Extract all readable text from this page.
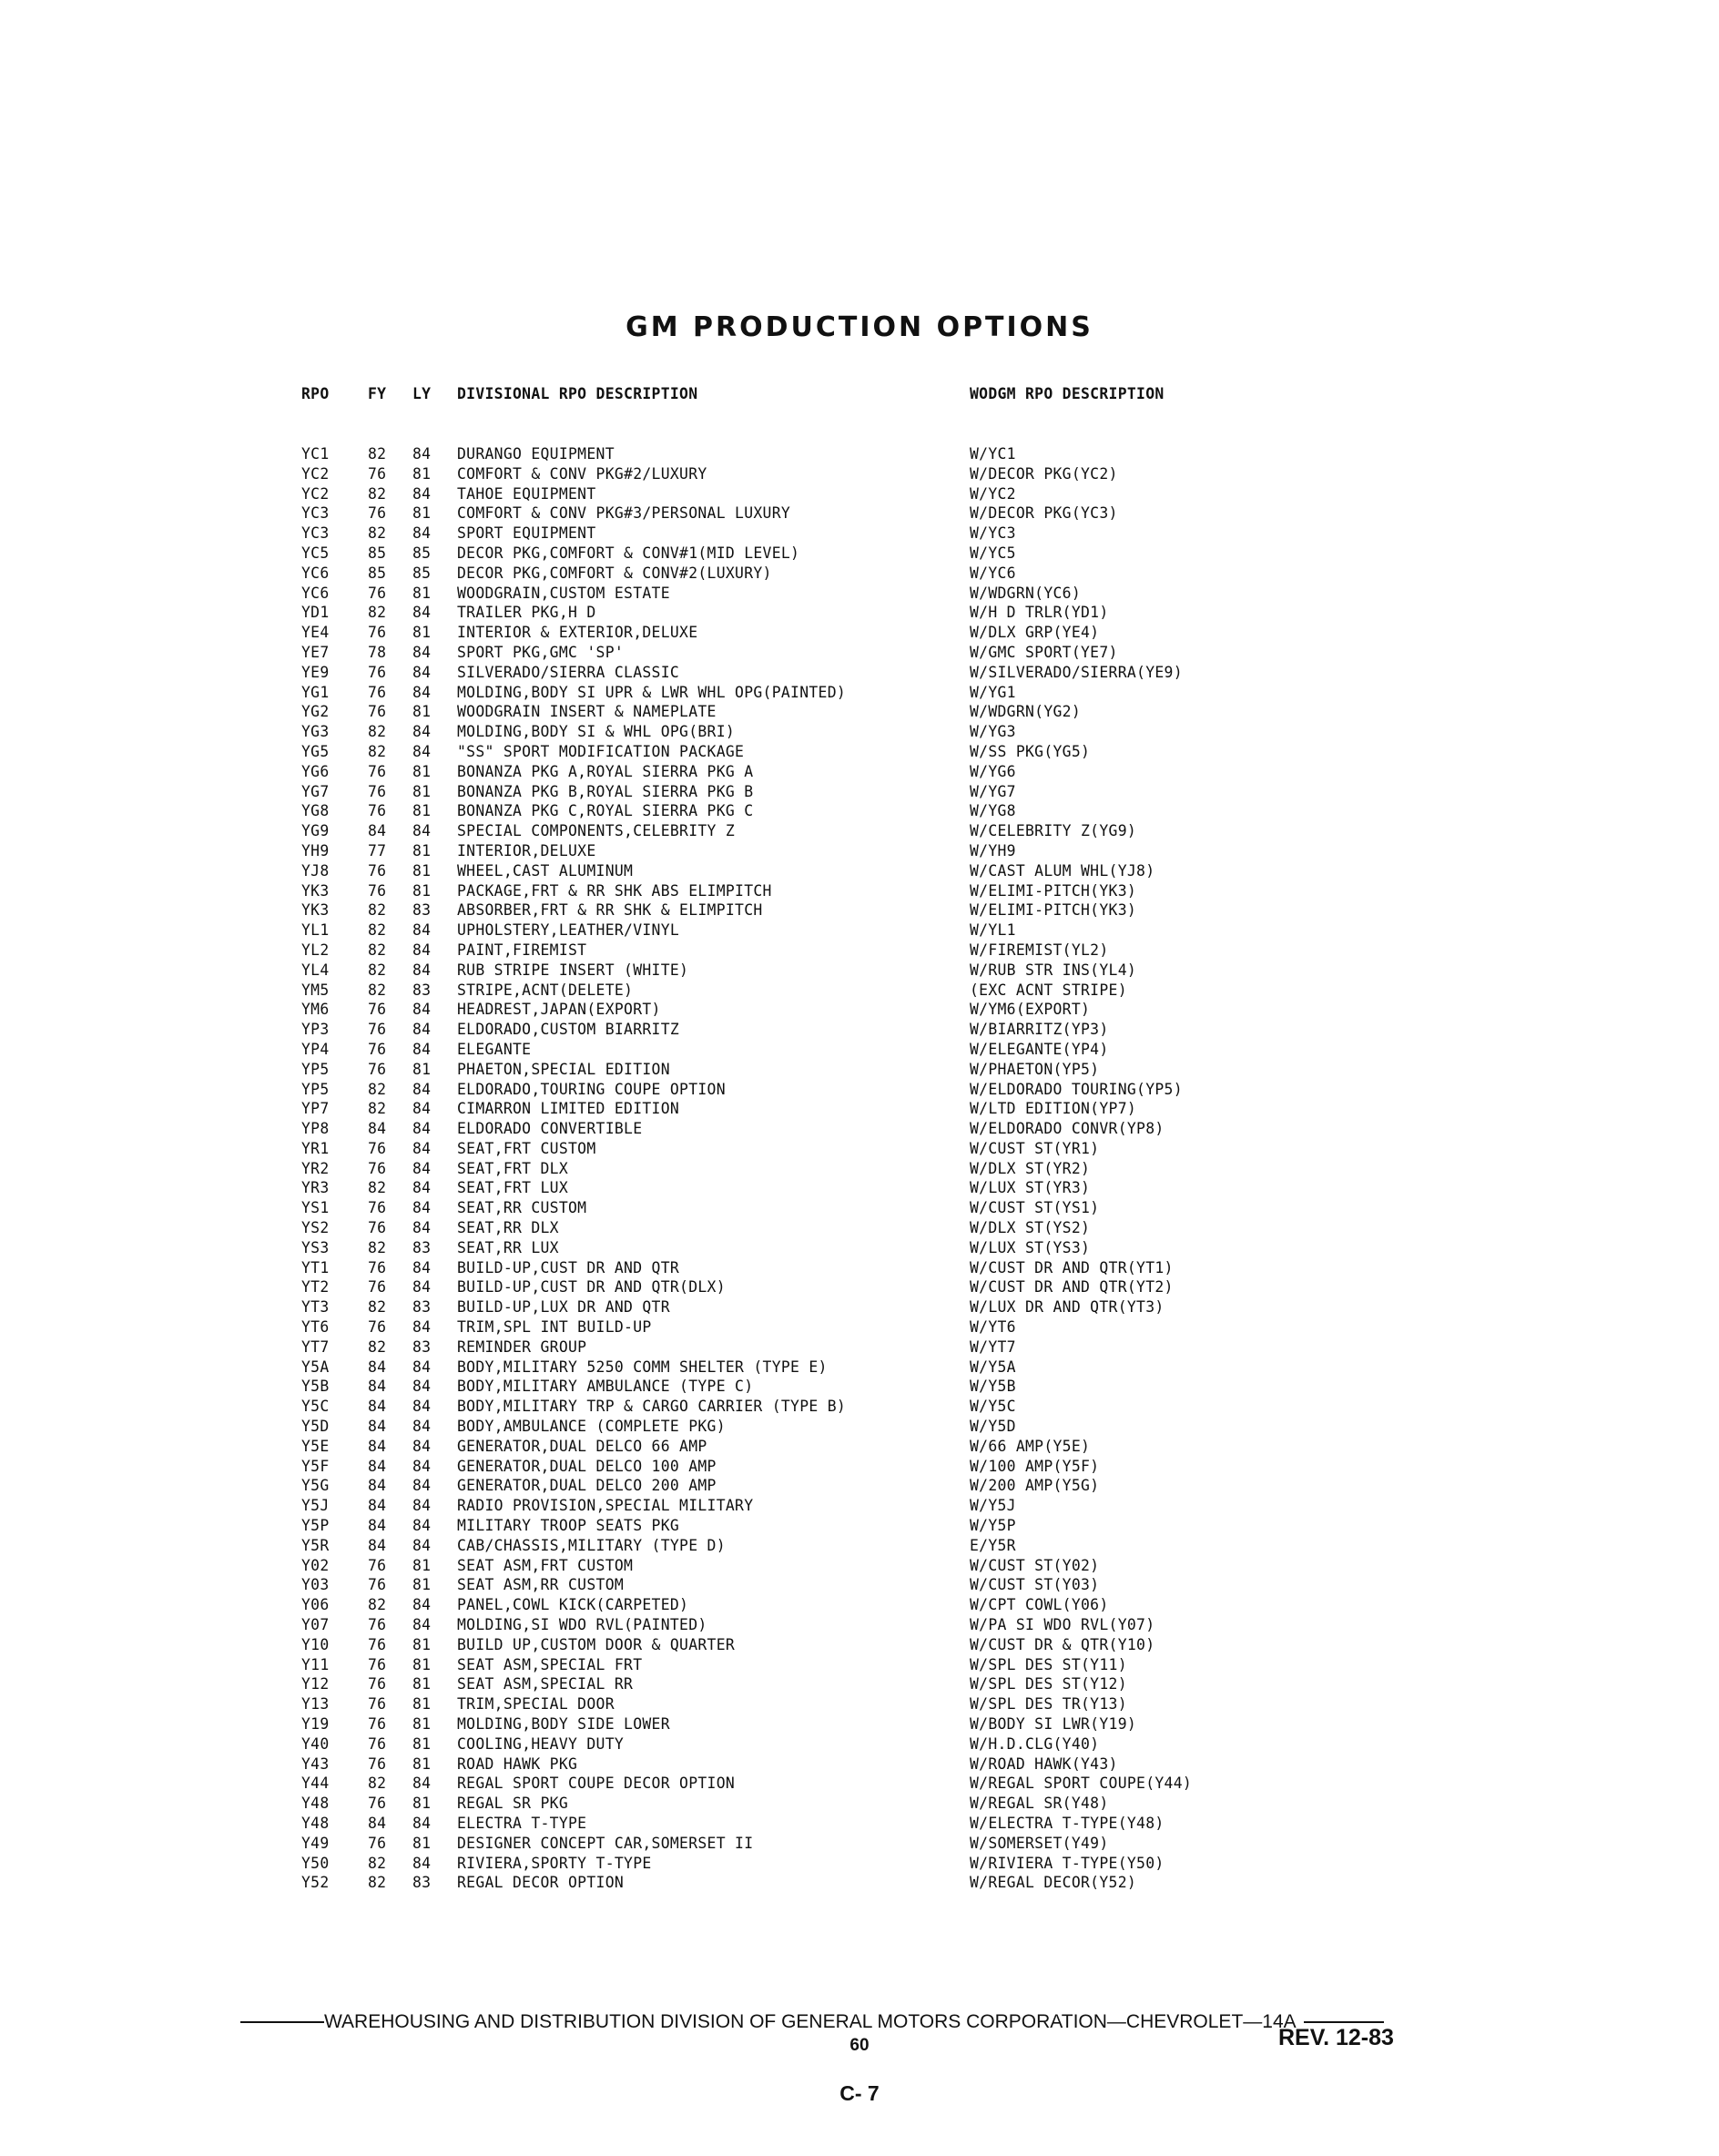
GM PRODUCTION OPTIONS
RPO	FY LY DIVISIONAL RPO DESCRIPTION	WODGM RPO DESCRIPTION
YC1	82 84 DURANGO EQUIPMENT	W/YC1
YC2	76 81 COMFORT & CONV PKG#2/LUXURY	W/DECOR PKG(YC2)
YC2	82 84 TAHOE EQUIPMENT	W/YC2
YC3	76 81 COMFORT & CONV PKG#3/PERSONAL LUXURY	W/DECOR PKG(YC3)
YC3	82 84 SPORT EQUIPMENT	W/YC3
YC5	85 85 DECOR PKG,COMFORT & CONV#1(MID LEVEL)	W/YC5
YC6	85 85 DECOR PKG,COMFORT & CONV#2(LUXURY)	W/YC6
YC6	76 81 WOODGRAIN,CUSTOM ESTATE	W/WDGRN(YC6)
YD1	82 84 TRAILER PKG,H D	W/H D TRLR(YD1)
YE4	76 81 INTERIOR & EXTERIOR,DELUXE	W/DLX GRP(YE4)
YE7	78 84 SPORT PKG,GMC 'SP'	W/GMC SPORT(YE7)
YE9	76 84 SILVERADO/SIERRA CLASSIC	W/SILVERADO/SIERRA(YE9)
YG1	76 84 MOLDING,BODY SI UPR & LWR WHL OPG(PAINTED)	W/YG1
YG2	76 81 WOODGRAIN INSERT & NAMEPLATE	W/WDGRN(YG2)
YG3	82 84 MOLDING,BODY SI & WHL OPG(BRI)	W/YG3
YG5	82 84 "SS" SPORT MODIFICATION PACKAGE	W/SS PKG(YG5)
YG6	76 81 BONANZA PKG A,ROYAL SIERRA PKG A	W/YG6
YG7	76 81 BONANZA PKG B,ROYAL SIERRA PKG B	W/YG7
YG8	76 81 BONANZA PKG C,ROYAL SIERRA PKG C	W/YG8
YG9	84 84 SPECIAL COMPONENTS,CELEBRITY Z	W/CELEBRITY Z(YG9)
YH9	77 81 INTERIOR,DELUXE	W/YH9
YJ8	76 81 WHEEL,CAST ALUMINUM	W/CAST ALUM WHL(YJ8)
YK3	76 81 PACKAGE,FRT & RR SHK ABS ELIMPITCH	W/ELIMI-PITCH(YK3)
YK3	82 83 ABSORBER,FRT & RR SHK & ELIMPITCH	W/ELIMI-PITCH(YK3)
YL1	82 84 UPHOLSTERY,LEATHER/VINYL	W/YL1
YL2	82 84 PAINT,FIREMIST	W/FIREMIST(YL2)
YL4	82 84 RUB STRIPE INSERT (WHITE)	W/RUB STR INS(YL4)
YM5	82 83 STRIPE,ACNT(DELETE)	(EXC ACNT STRIPE)
YM6	76 84 HEADREST,JAPAN(EXPORT)	W/YM6(EXPORT)
YP3	76 84 ELDORADO,CUSTOM BIARRITZ	W/BIARRITZ(YP3)
YP4	76 84 ELEGANTE	W/ELEGANTE(YP4)
YP5	76 81 PHAETON,SPECIAL EDITION	W/PHAETON(YP5)
YP5	82 84 ELDORADO,TOURING COUPE OPTION	W/ELDORADO TOURING(YP5)
YP7	82 84 CIMARRON LIMITED EDITION	W/LTD EDITION(YP7)
YP8	84 84 ELDORADO CONVERTIBLE	W/ELDORADO CONVR(YP8)
YR1	76 84 SEAT,FRT CUSTOM	W/CUST ST(YR1)
YR2	76 84 SEAT,FRT DLX	W/DLX ST(YR2)
YR3	82 84 SEAT,FRT LUX	W/LUX ST(YR3)
YS1	76 84 SEAT,RR CUSTOM	W/CUST ST(YS1)
YS2	76 84 SEAT,RR DLX	W/DLX ST(YS2)
YS3	82 83 SEAT,RR LUX	W/LUX ST(YS3)
YT1	76 84 BUILD-UP,CUST DR AND QTR	W/CUST DR AND QTR(YT1)
YT2	76 84 BUILD-UP,CUST DR AND QTR(DLX)	W/CUST DR AND QTR(YT2)
YT3	82 83 BUILD-UP,LUX DR AND QTR	W/LUX DR AND QTR(YT3)
YT6	76 84 TRIM,SPL INT BUILD-UP	W/YT6
YT7	82 83 REMINDER GROUP	W/YT7
Y5A	84 84 BODY,MILITARY 5250 COMM SHELTER (TYPE E)	W/Y5A
Y5B	84 84 BODY,MILITARY AMBULANCE (TYPE C)	W/Y5B
Y5C	84 84 BODY,MILITARY TRP & CARGO CARRIER (TYPE B)	W/Y5C
Y5D	84 84 BODY,AMBULANCE (COMPLETE PKG)	W/Y5D
Y5E	84 84 GENERATOR,DUAL DELCO 66 AMP	W/66 AMP(Y5E)
Y5F	84 84 GENERATOR,DUAL DELCO 100 AMP	W/100 AMP(Y5F)
Y5G	84 84 GENERATOR,DUAL DELCO 200 AMP	W/200 AMP(Y5G)
Y5J	84 84 RADIO PROVISION,SPECIAL MILITARY	W/Y5J
Y5P	84 84 MILITARY TROOP SEATS PKG	W/Y5P
Y5R	84 84 CAB/CHASSIS,MILITARY (TYPE D)	E/Y5R
Y02	76 81 SEAT ASM,FRT CUSTOM	W/CUST ST(Y02)
Y03	76 81 SEAT ASM,RR CUSTOM	W/CUST ST(Y03)
Y06	82 84 PANEL,COWL KICK(CARPETED)	W/CPT COWL(Y06)
Y07	76 84 MOLDING,SI WDO RVL(PAINTED)	W/PA SI WDO RVL(Y07)
Y10	76 81 BUILD UP,CUSTOM DOOR & QUARTER	W/CUST DR & QTR(Y10)
Y11	76 81 SEAT ASM,SPECIAL FRT	W/SPL DES ST(Y11)
Y12	76 81 SEAT ASM,SPECIAL RR	W/SPL DES ST(Y12)
Y13	76 81 TRIM,SPECIAL DOOR	W/SPL DES TR(Y13)
Y19	76 81 MOLDING,BODY SIDE LOWER	W/BODY SI LWR(Y19)
Y40	76 81 COOLING,HEAVY DUTY	W/H.D.CLG(Y40)
Y43	76 81 ROAD HAWK PKG	W/ROAD HAWK(Y43)
Y44	82 84 REGAL SPORT COUPE DECOR OPTION	W/REGAL SPORT COUPE(Y44)
Y48	76 81 REGAL SR PKG	W/REGAL SR(Y48)
Y48	84 84 ELECTRA T-TYPE	W/ELECTRA T-TYPE(Y48)
Y49	76 81 DESIGNER CONCEPT CAR,SOMERSET II	W/SOMERSET(Y49)
Y50	82 84 RIVIERA,SPORTY T-TYPE	W/RIVIERA T-TYPE(Y50)
Y52	82 83 REGAL DECOR OPTION	W/REGAL DECOR(Y52)
WAREHOUSING AND DISTRIBUTION DIVISION OF GENERAL MOTORS CORPORATION—CHEVROLET—14A
60	REV. 12-83
C- 7
